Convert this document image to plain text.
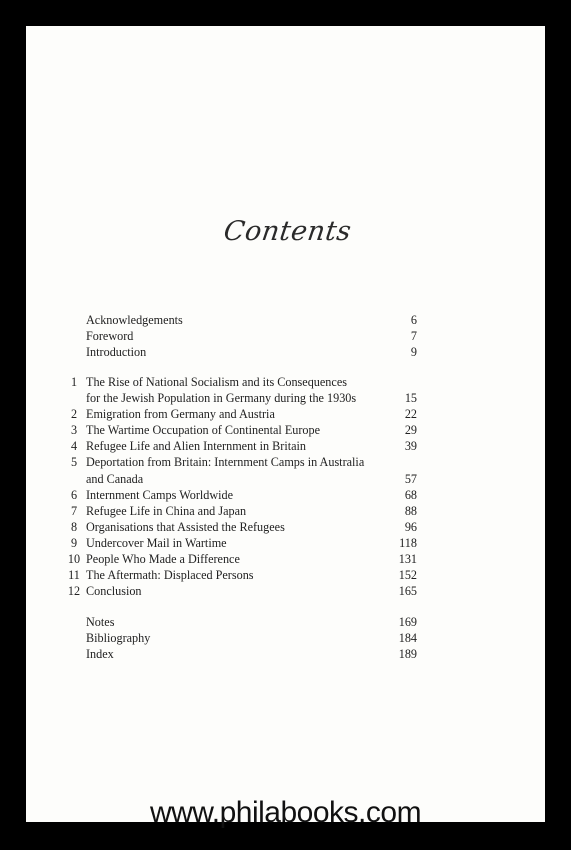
Contents
Acknowledgements	6
Foreword	7
Introduction	9
1 The Rise of National Socialism and its Consequences
for the Jewish Population in Germany during the 1930s	15
2 Emigration from Germany and Austria	22
3 The Wartime Occupation of Continental Europe	29
4 Refugee Life and Alien Internment in Britain	39
5 Deportation from Britain: Internment Camps in Australia
and Canada	57
6 Internment Camps Worldwide	68
7 Refugee Life in China and Japan	88
8 Organisations that Assisted the Refugees	96
9 Undercover Mail in Wartime	118
10 People Who Made a Difference	131
11 The Aftermath: Displaced Persons	152
12 Conclusion	165
Notes	169
Bibliography	184
Index	189
www.philabooks.com
